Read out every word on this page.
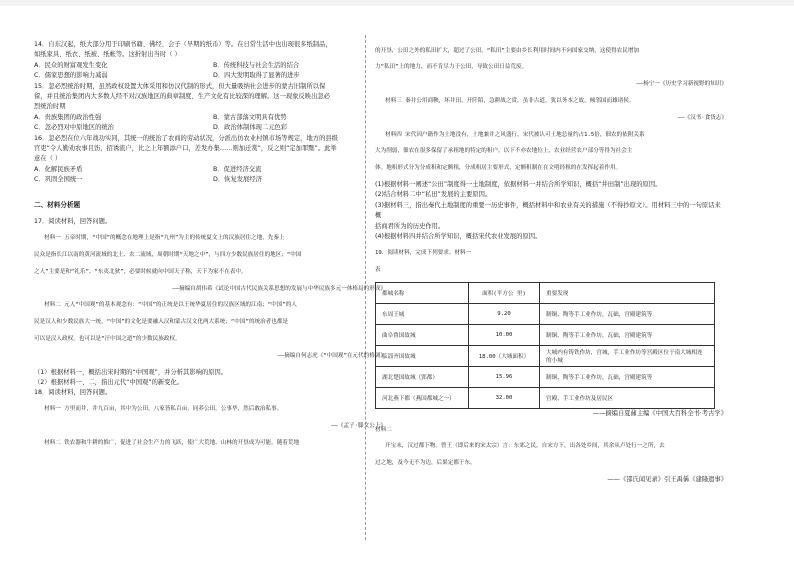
14．自东汉起，纸大部分用于印刷书籍、佛经、会子（早期的纸币）等。在日常生活中也出现很多纸制品，

如纸家具、纸衣、纸被、纸帐等。这折射出当时（ ）

A．民众的财富观发生变化	B．传统科技与社会生活的结合
C．儒家思想的影响力减弱	D．四大发明取得了显著的进步

15．忽必烈统治时期，虽然政权设置大体采用和仿汉代制的形式，但大量吸纳社会进步的蒙古旧制所以保

留，并且统治集团内大多数人经不对汉族地区的典章制度、生产文化有比较深的理解。这一现象反映出忽必

烈统治时期

A．贵族集团的政治性强	B．蒙古部落文明具有优势
C．忽必烈对中原地区的统治	D．政治体制体现二元色彩

16．忽必烈在位六年战功实同，其统一的统治了农商的劳动状况，分派出仿农业村镇市场等规定，地方的县级

官吏“令人勤劝农事且饬，招诱流户，比之上年额添户口，差发办集……则加迁赏”，反之则“定加罪黜”。此举

意在（ ）

A．化解民族矛盾	B．促进经济交流
C．巩固全国统一	D．恢复发展经济

二、材料分析题

17．阅读材料，回答问题。

材料一 五帝时期，“中国”的概念在地理上是指“九州”为主的传统夏文上的汉族居住之地，先秦上

民众是指长江以南的黄河流域的北土、农二流域，周朝时期“天地之中”，与四方少数民族居住的地区；“中国

之人”主要是和“礼乐”、“东夷北狄”，必要时候就向中国天子称，天下为家不在表中。

——摘编自胡伟希《试论中国古代民族关系思想的发展与中华民族多元一体格局的形成》

材料二 元人“中国观”的基本观念有：“中国”的正统是以王统华夏居住的汉族区域的江南；“中国”的人

民是汉人和少数民族大一统，“中国”的文化是要融入汉和蒙古汉文化两大系统；“中国”的统治者也都是

可以是汉人政权，也可以是“汗中国之道”的少数民族政权。

——摘编自何志虎《“中国观”在元代的格调》

（1）根据材料一，概括出宋时期的“中国观”，并分析其影响的原因。

（2）根据材料一、二，指出元代“中国观”的新变化。

18．阅读材料，回答问题。

材料一 方里而井，井九百亩，其中为公田。八家皆私百亩，同养公田。公事毕，然后敢治私事。

——《孟子·滕文公上》

材料二 铁农器和牛耕的推广，促进了社会生产力的飞跃，使广大荒地、山林的开垦成为可能。随着荒地

的开垦，公田之外的私田扩大，超过了公田。“私田”主要由乡长利用时间内不向国家交纳，这使得农民增加

力“私田”上的地力，而不肯尽力于公田，导致公田日益荒废。

——杨宁一《历史学习新视野的知识》

材料三 秦并公用商鞅，坏井田，开阡陌，急耕战之赏，虽非古道，犹以务本之故，倾邻国而雄诸侯。

——《汉书·食货志》

材料四 宋代因户籍作为土地没有，土地兼并之风盛行，宋代被认可土地总量约占1.5倍，佃农的依附关系

大为削弱，佃农在很多保留了承租地的特定的租户，以下不亦农地位上，农业经营农户部分等得为社会主

体。地租形式分为分成租和定额租，分成租居主要形式，定额租制在在文明经租的在发挥起着作用。

(1)根据材料一阐述“公田”制度得一土地制度，依据材料一并结合所学知识，概括“井田制”出现的原因。

(2)结合材料二中“私田”发展的主要原因。

(3)据材料三，指出秦代土地制度的重要一历史事件，概括材料中和农业有关的措施（不得抄原文）。用材料三中的一句原话来概

括商君所为的历史作用。

(4)根据材料四并结合所学知识，概括宋代农业发展的原因。

19．阅读材料，完成下列要求。材料一

表

都城名称	面积(平方公 里)	重要发现
东周王城	9.20	制铜、陶等手工业作坊，瓦础，宫殿建筑等
曲阜鲁国故城	10.00	制铜、陶等手工业作坊，瓦础，宫殿建筑等
临淄齐国故城	18.00（大城面积）	大城内有铸铁作坊，宫城，手工业作坊等宫殿区位于南大城相连的小城
湖北楚国故城（郢都）	15.96	制铜、陶等手工业作坊，瓦础，宫殿建筑等
河北燕下都（燕国都城之一）	32.00	宫殿、手工业作坊及居民区

——摘编自夏鼐主编《中国大百科全书·考古学》

材料二

开宝末，汉过都下物。曾王（即后来的宋太宗）言：东郊之民，自宋方下，出各处乡间，其余从卢处行一之所，去

过之地，及今无不为边，后果定都于东。

——《邵氏闻见录》引王禹偁《建隆遗事》
